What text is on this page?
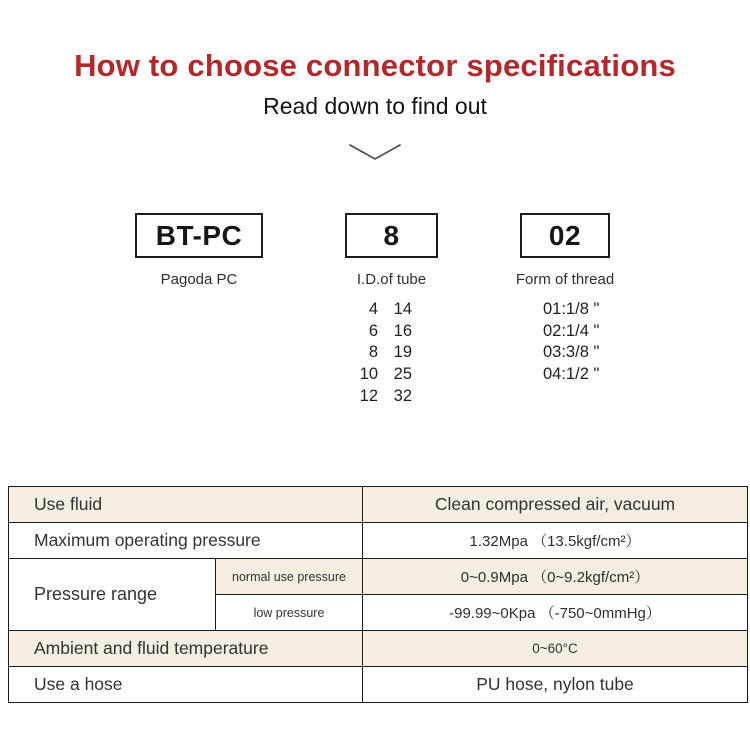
How to choose connector specifications
Read down to find out
BT-PC	8	02
Pagoda PC	I.D.of tube	Form of thread
4 14
6 16
8 19
10 25
12 32
01:1/8 "
02:1/4 "
03:3/8 "
04:1/2 "
Use fluid		Clean compressed air, vacuum
Maximum operating pressure		1.32Mpa （13.5kgf/cm²）
Pressure range	normal use pressure	0~0.9Mpa （0~9.2kgf/cm²）
	low pressure	-99.99~0Kpa （-750~0mmHg）
Ambient and fluid temperature		0~60°C
Use a hose		PU hose, nylon tube
